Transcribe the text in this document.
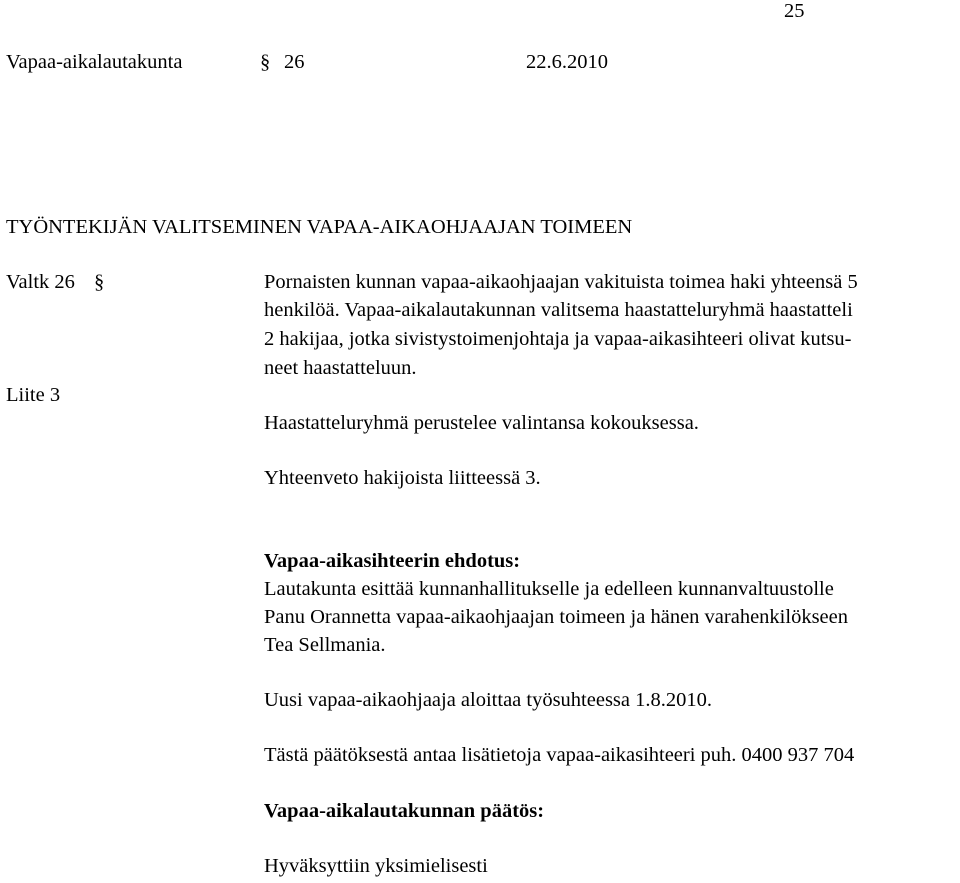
25
Vapaa-aikalautakunta	§ 26	22.6.2010
TYÖNTEKIJÄN VALITSEMINEN VAPAA-AIKAOHJAAJAN TOIMEEN
Valtk 26 §
Liite 3
Pornaisten kunnan vapaa-aikaohjaajan vakituista toimea haki yhteensä 5
henkilöä. Vapaa-aikalautakunnan valitsema haastatteluryhmä haastatteli
2 hakijaa, jotka sivistystoimenjohtaja ja vapaa-aikasihteeri olivat kutsu-
neet haastatteluun.
Haastatteluryhmä perustelee valintansa kokouksessa.
Yhteenveto hakijoista liitteessä 3.
Vapaa-aikasihteerin ehdotus:
Lautakunta esittää kunnanhallitukselle ja edelleen kunnanvaltuustolle
Panu Orannetta vapaa-aikaohjaajan toimeen ja hänen varahenkilökseen
Tea Sellmania.
Uusi vapaa-aikaohjaaja aloittaa työsuhteessa 1.8.2010.
Tästä päätöksestä antaa lisätietoja vapaa-aikasihteeri puh. 0400 937 704
Vapaa-aikalautakunnan päätös:
Hyväksyttiin yksimielisesti
